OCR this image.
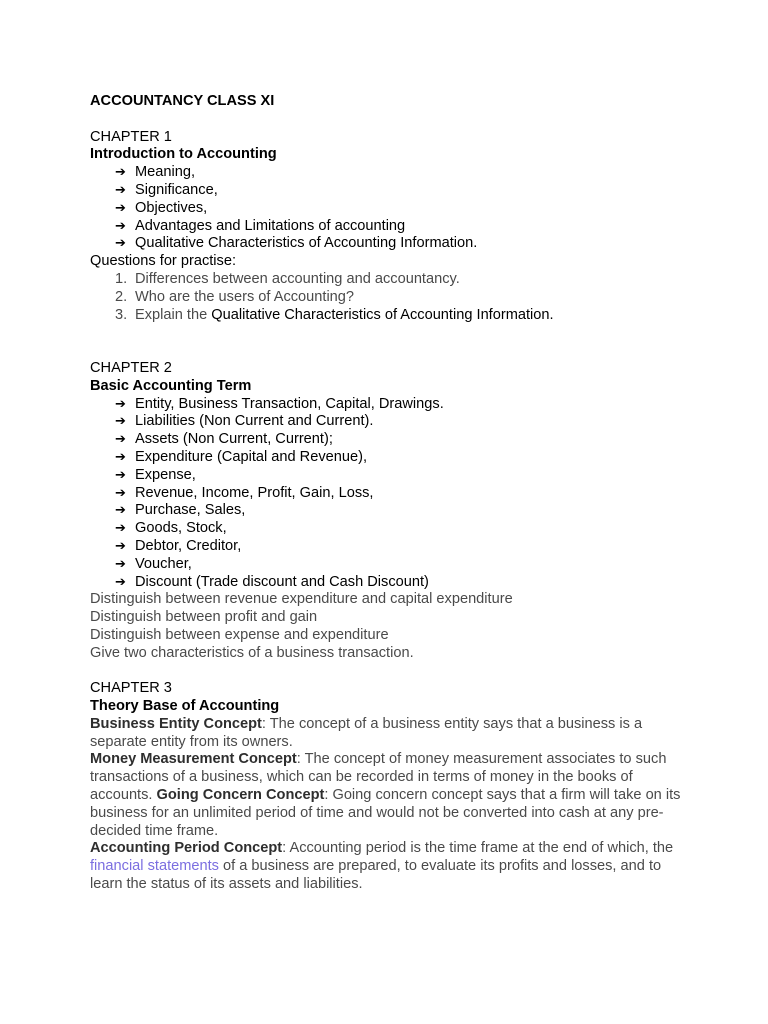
ACCOUNTANCY CLASS XI
CHAPTER 1
Introduction to Accounting
➔ Meaning,
➔ Significance,
➔ Objectives,
➔ Advantages and Limitations of accounting
➔ Qualitative Characteristics of Accounting Information.
Questions for practise:
1. Differences between accounting and accountancy.
2. Who are the users of Accounting?
3. Explain the Qualitative Characteristics of Accounting Information.
CHAPTER 2
Basic Accounting Term
➔ Entity, Business Transaction, Capital, Drawings.
➔ Liabilities (Non Current and Current).
➔ Assets (Non Current, Current);
➔ Expenditure (Capital and Revenue),
➔ Expense,
➔ Revenue, Income, Profit, Gain, Loss,
➔ Purchase, Sales,
➔ Goods, Stock,
➔ Debtor, Creditor,
➔ Voucher,
➔ Discount (Trade discount and Cash Discount)
Distinguish between revenue expenditure and capital expenditure
Distinguish between profit and gain
Distinguish between expense and expenditure
Give two characteristics of a business transaction.
CHAPTER 3
Theory Base of Accounting

Business Entity Concept: The concept of a business entity says that a business is a separate entity from its owners.

Money Measurement Concept: The concept of money measurement associates to such transactions of a business, which can be recorded in terms of money in the books of accounts. Going Concern Concept: Going concern concept says that a firm will take on its business for an unlimited period of time and would not be converted into cash at any pre-decided time frame.

Accounting Period Concept: Accounting period is the time frame at the end of which, the financial statements of a business are prepared, to evaluate its profits and losses, and to learn the status of its assets and liabilities.
